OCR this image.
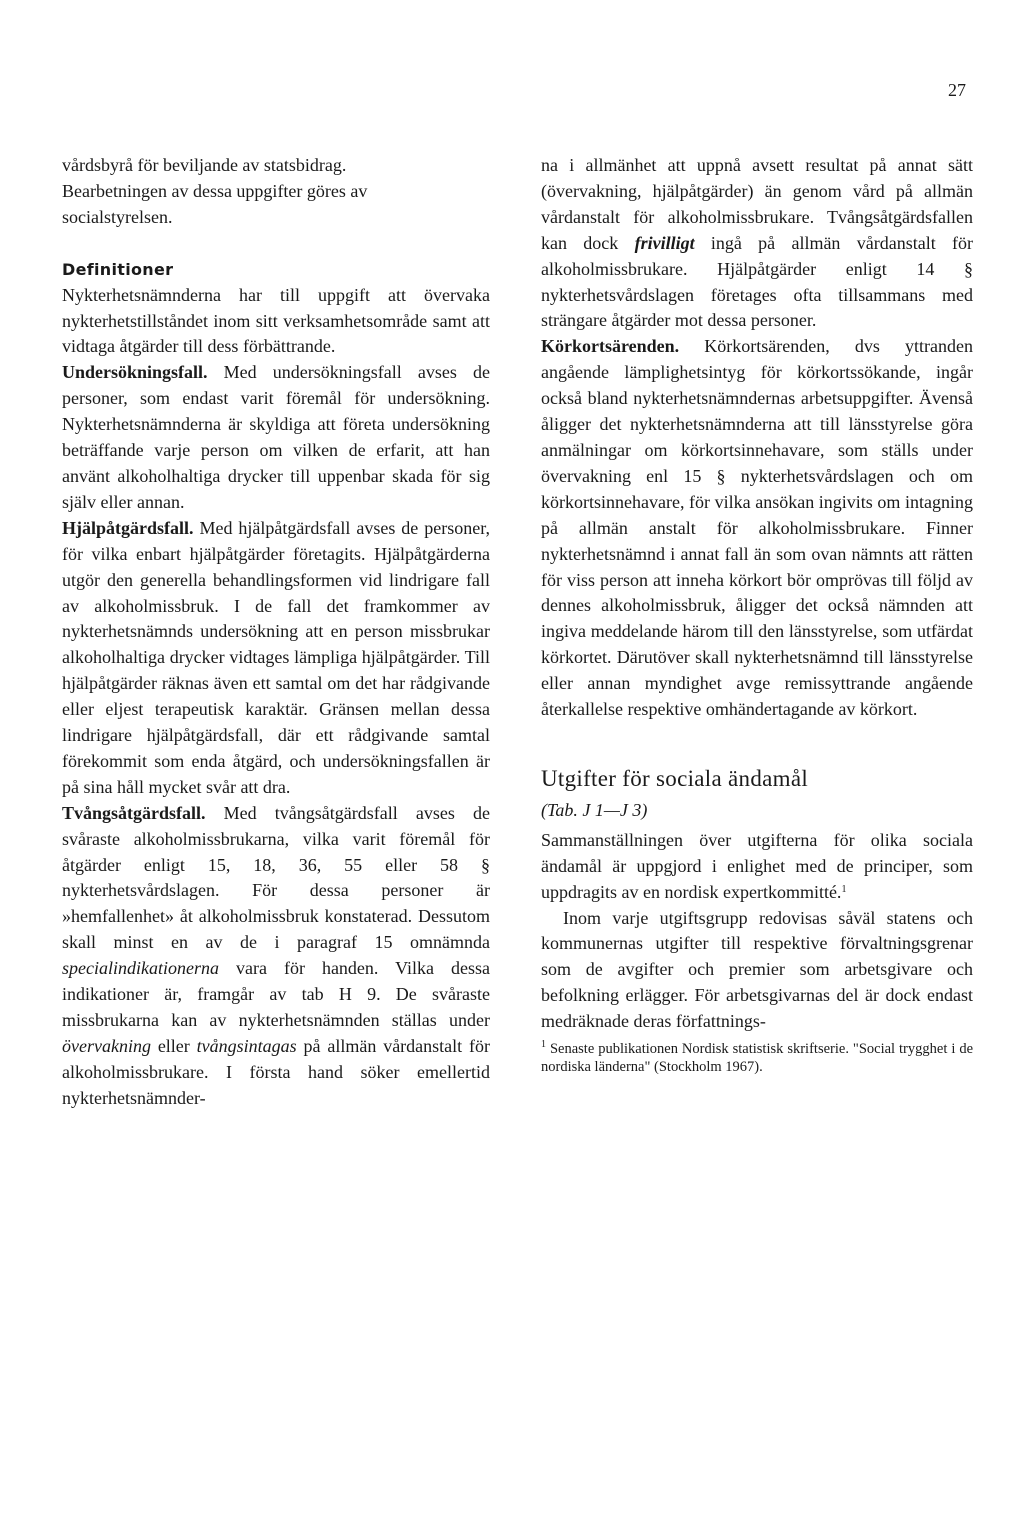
27

vårdsbyrå för beviljande av statsbidrag.

Bearbetningen av dessa uppgifter göres av

socialstyrelsen.

Definitioner

Nykterhetsnämnderna har till uppgift att övervaka nykterhetstillståndet inom sitt verksamhetsområde samt att vidtaga åtgärder till dess förbättrande.

Undersökningsfall. Med undersökningsfall avses de personer, som endast varit föremål för undersökning. Nykterhetsnämnderna är skyldiga att företa undersökning beträffande varje person om vilken de erfarit, att han använt alkoholhaltiga drycker till uppenbar skada för sig själv eller annan.

Hjälpåtgärdsfall. Med hjälpåtgärdsfall avses de personer, för vilka enbart hjälpåtgärder företagits. Hjälpåtgärderna utgör den generella behandlingsformen vid lindrigare fall av alkoholmissbruk. I de fall det framkommer av nykterhetsnämnds undersökning att en person missbrukar alkoholhaltiga drycker vidtages lämpliga hjälpåtgärder. Till hjälpåtgärder räknas även ett samtal om det har rådgivande eller eljest terapeutisk karaktär. Gränsen mellan dessa lindrigare hjälpåtgärdsfall, där ett rådgivande samtal förekommit som enda åtgärd, och undersökningsfallen är på sina håll mycket svår att dra.

Tvångsåtgärdsfall. Med tvångsåtgärdsfall avses de svåraste alkoholmissbrukarna, vilka varit föremål för åtgärder enligt 15, 18, 36, 55 eller 58 § nykterhetsvårdslagen. För dessa personer är »hemfallenhet» åt alkoholmissbruk konstaterad. Dessutom skall minst en av de i paragraf 15 omnämnda specialindikationerna vara för handen. Vilka dessa indikationer är, framgår av tab H 9. De svåraste missbrukarna kan av nykterhetsnämnden ställas under övervakning eller tvångsintagas på allmän vårdanstalt för alkoholmissbrukare. I första hand söker emellertid nykterhetsnämnder-

na i allmänhet att uppnå avsett resultat på annat sätt (övervakning, hjälpåtgärder) än genom vård på allmän vårdanstalt för alkoholmissbrukare. Tvångsåtgärdsfallen kan dock frivilligt ingå på allmän vårdanstalt för alkoholmissbrukare. Hjälpåtgärder enligt 14 § nykterhetsvårdslagen företages ofta tillsammans med strängare åtgärder mot dessa personer.

Körkortsärenden. Körkortsärenden, dvs yttranden angående lämplighetsintyg för körkortssökande, ingår också bland nykterhetsnämndernas arbetsuppgifter. Ävenså åligger det nykterhetsnämnderna att till länsstyrelse göra anmälningar om körkortsinnehavare, som ställs under övervakning enl 15 § nykterhetsvårdslagen och om körkortsinnehavare, för vilka ansökan ingivits om intagning på allmän anstalt för alkoholmissbrukare. Finner nykterhetsnämnd i annat fall än som ovan nämnts att rätten för viss person att inneha körkort bör omprövas till följd av dennes alkoholmissbruk, åligger det också nämnden att ingiva meddelande härom till den länsstyrelse, som utfärdat körkortet. Därutöver skall nykterhetsnämnd till länsstyrelse eller annan myndighet avge remissyttrande angående återkallelse respektive omhändertagande av körkort.

Utgifter för sociala ändamål

(Tab. J 1—J 3)

Sammanställningen över utgifterna för olika sociala ändamål är uppgjord i enlighet med de principer, som uppdragits av en nordisk expertkommitté.$^1$

Inom varje utgiftsgrupp redovisas såväl statens och kommunernas utgifter till respektive förvaltningsgrenar som de avgifter och premier som arbetsgivare och befolkning erlägger. För arbetsgivarnas del är dock endast medräknade deras författnings-

$^1$ Senaste publikationen Nordisk statistisk skriftserie. "Social trygghet i de nordiska länderna" (Stockholm 1967).
